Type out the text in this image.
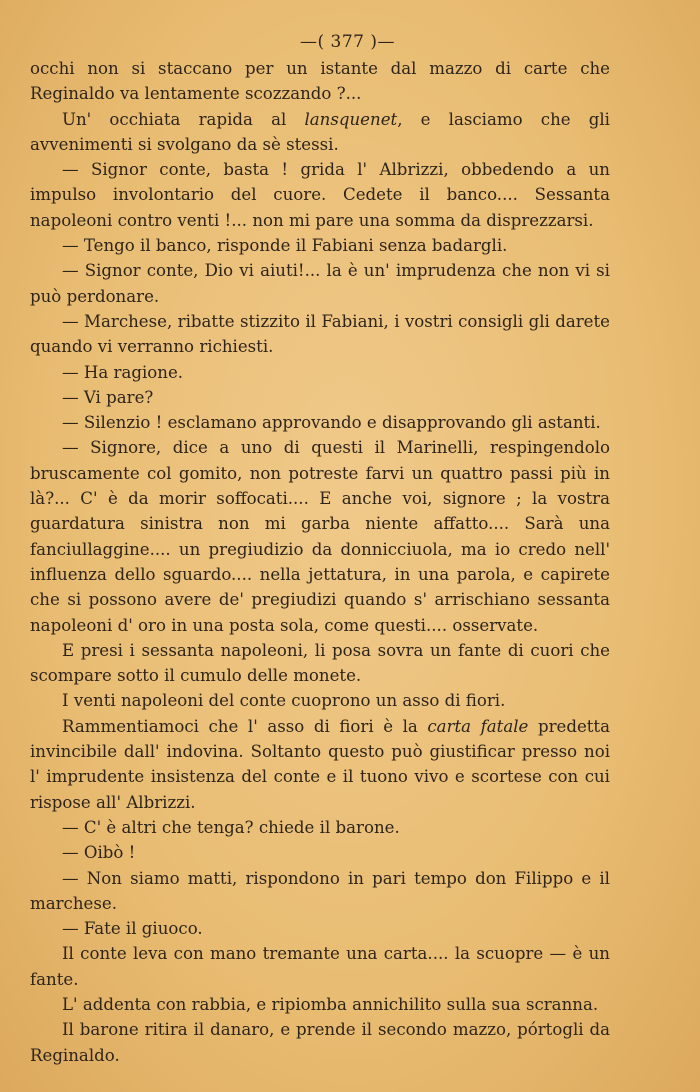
—( 377 )—

occhi non si staccano per un istante dal mazzo di carte che Reginaldo va lentamente scozzando ?...

Un' occhiata rapida al lansquenet, e lasciamo che gli avvenimenti si svolgano da sè stessi.

— Signor conte, basta ! grida l' Albrizzi, obbedendo a un impulso involontario del cuore. Cedete il banco.... Sessanta napoleoni contro venti !... non mi pare una somma da disprezzarsi.

— Tengo il banco, risponde il Fabiani senza badargli.

— Signor conte, Dio vi aiuti!... la è un' imprudenza che non vi si può perdonare.

— Marchese, ribatte stizzito il Fabiani, i vostri consigli gli darete quando vi verranno richiesti.

— Ha ragione.

— Vi pare?

— Silenzio ! esclamano approvando e disapprovando gli astanti.

— Signore, dice a uno di questi il Marinelli, respingendolo bruscamente col gomito, non potreste farvi un quattro passi più in là?... C' è da morir soffocati.... E anche voi, signore ; la vostra guardatura sinistra non mi garba niente affatto.... Sarà una fanciullaggine.... un pregiudizio da donnicciuola, ma io credo nell' influenza dello sguardo.... nella jettatura, in una parola, e capirete che si possono avere de' pregiudizi quando s' arrischiano sessanta napoleoni d' oro in una posta sola, come questi.... osservate.

E presi i sessanta napoleoni, li posa sovra un fante di cuori che scompare sotto il cumulo delle monete.

I venti napoleoni del conte cuoprono un asso di fiori.

Rammentiamoci che l' asso di fiori è la carta fatale predetta invincibile dall' indovina. Soltanto questo può giustificar presso noi l' imprudente insistenza del conte e il tuono vivo e scortese con cui rispose all' Albrizzi.

— C' è altri che tenga? chiede il barone.

— Oibò !

— Non siamo matti, rispondono in pari tempo don Filippo e il marchese.

— Fate il giuoco.

Il conte leva con mano tremante una carta.... la scuopre — è un fante.

L' addenta con rabbia, e ripiomba annichilito sulla sua scranna.

Il barone ritira il danaro, e prende il secondo mazzo, pórtogli da Reginaldo.
